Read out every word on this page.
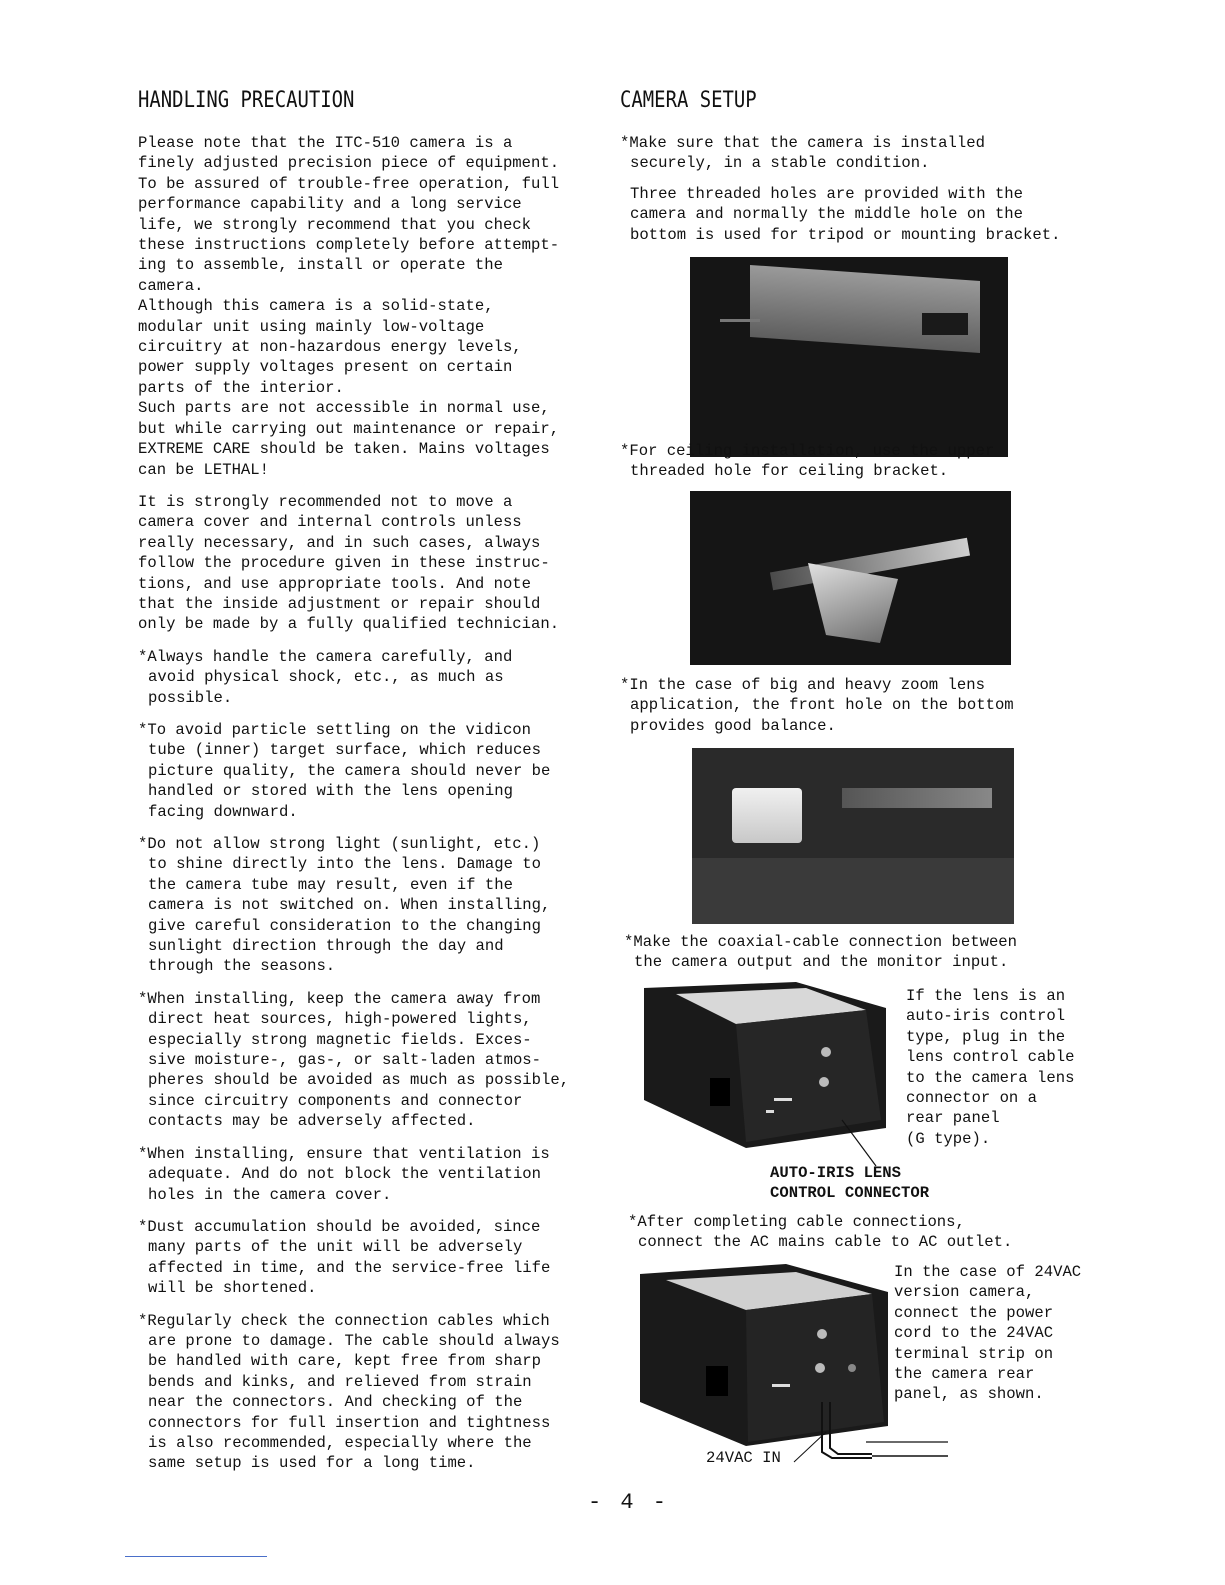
HANDLING PRECAUTION

Please note that the ITC-510 camera is a
finely adjusted precision piece of equipment.
To be assured of trouble-free operation, full
performance capability and a long service
life, we strongly recommend that you check
these instructions completely before attempt-
ing to assemble, install or operate the
camera.
Although this camera is a solid-state,
modular unit using mainly low-voltage
circuitry at non-hazardous energy levels,
power supply voltages present on certain
parts of the interior.
Such parts are not accessible in normal use,
but while carrying out maintenance or repair,
EXTREME CARE should be taken. Mains voltages
can be LETHAL!

It is strongly recommended not to move a
camera cover and internal controls unless
really necessary, and in such cases, always
follow the procedure given in these instruc-
tions, and use appropriate tools. And note
that the inside adjustment or repair should
only be made by a fully qualified technician.

*Always handle the camera carefully, and
avoid physical shock, etc., as much as
possible.

*To avoid particle settling on the vidicon
tube (inner) target surface, which reduces
picture quality, the camera should never be
handled or stored with the lens opening
facing downward.

*Do not allow strong light (sunlight, etc.)
to shine directly into the lens. Damage to
the camera tube may result, even if the
camera is not switched on. When installing,
give careful consideration to the changing
sunlight direction through the day and
through the seasons.

*When installing, keep the camera away from
direct heat sources, high-powered lights,
especially strong magnetic fields. Exces-
sive moisture-, gas-, or salt-laden atmos-
pheres should be avoided as much as possible,
since circuitry components and connector
contacts may be adversely affected.

*When installing, ensure that ventilation is
adequate. And do not block the ventilation
holes in the camera cover.

*Dust accumulation should be avoided, since
many parts of the unit will be adversely
affected in time, and the service-free life
will be shortened.

*Regularly check the connection cables which
are prone to damage. The cable should always
be handled with care, kept free from sharp
bends and kinks, and relieved from strain
near the connectors. And checking of the
connectors for full insertion and tightness
is also recommended, especially where the
same setup is used for a long time.

CAMERA SETUP

*Make sure that the camera is installed
securely, in a stable condition.

Three threaded holes are provided with the
camera and normally the middle hole on the
bottom is used for tripod or mounting bracket.

*For ceiling installation, use the upper
threaded hole for ceiling bracket.

*In the case of big and heavy zoom lens
application, the front hole on the bottom
provides good balance.

*Make the coaxial-cable connection between
the camera output and the monitor input.

If the lens is an
auto-iris control
type, plug in the
lens control cable
to the camera lens
connector on a
rear panel
(G type).
AUTO-IRIS LENS
CONTROL CONNECTOR

*After completing cable connections,
connect the AC mains cable to AC outlet.

In the case of 24VAC
version camera,
connect the power
cord to the 24VAC
terminal strip on
the camera rear
panel, as shown.
24VAC IN
- 4 -
